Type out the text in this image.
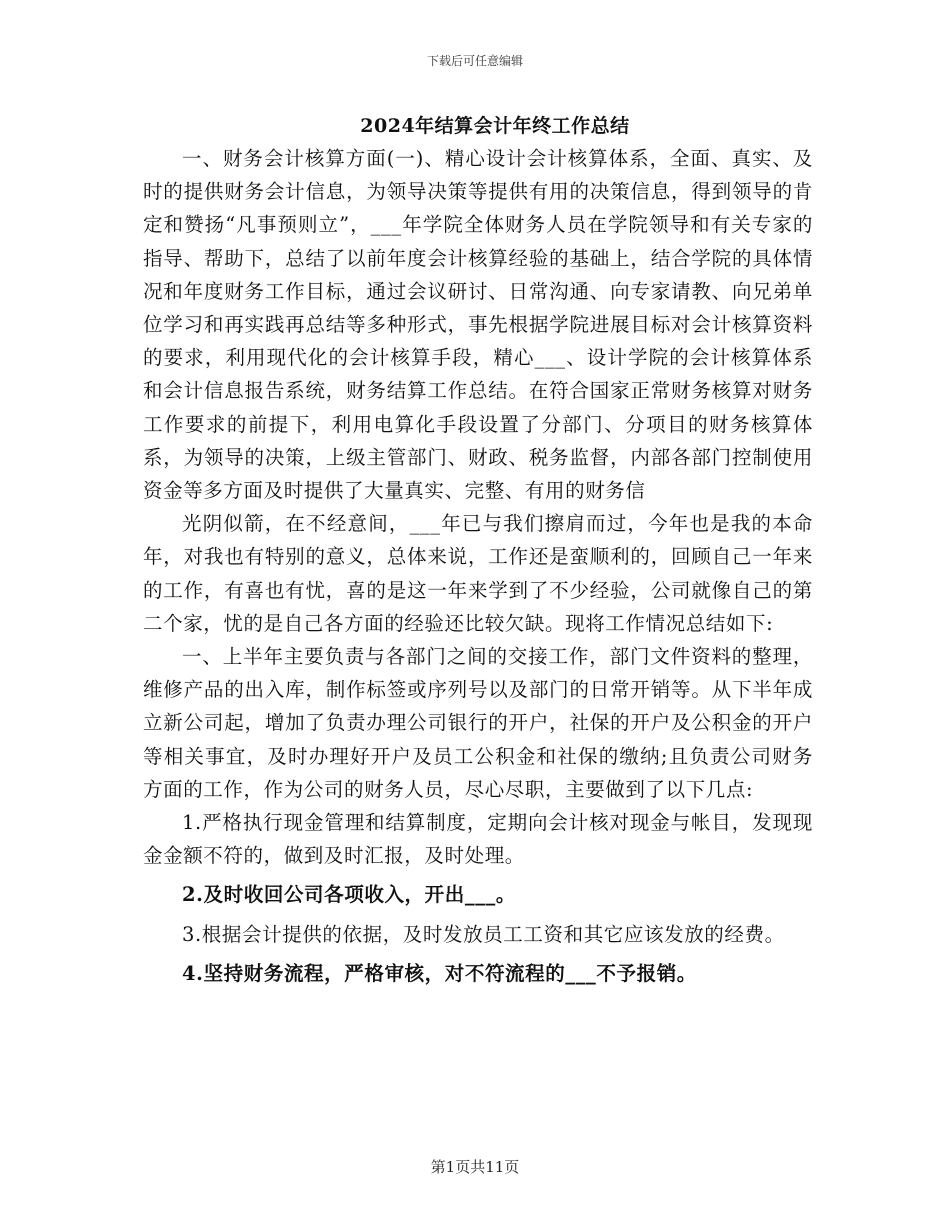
下载后可任意编辑
2024年结算会计年终工作总结

一、财务会计核算方面(一)、精心设计会计核算体系，全面、真实、及时的提供财务会计信息，为领导决策等提供有用的决策信息，得到领导的肯定和赞扬“凡事预则立”，___年学院全体财务人员在学院领导和有关专家的指导、帮助下，总结了以前年度会计核算经验的基础上，结合学院的具体情况和年度财务工作目标，通过会议研讨、日常沟通、向专家请教、向兄弟单位学习和再实践再总结等多种形式，事先根据学院进展目标对会计核算资料的要求，利用现代化的会计核算手段，精心___、设计学院的会计核算体系和会计信息报告系统，财务结算工作总结。在符合国家正常财务核算对财务工作要求的前提下，利用电算化手段设置了分部门、分项目的财务核算体系，为领导的决策，上级主管部门、财政、税务监督，内部各部门控制使用资金等多方面及时提供了大量真实、完整、有用的财务信

光阴似箭，在不经意间，___年已与我们擦肩而过，今年也是我的本命年，对我也有特别的意义，总体来说，工作还是蛮顺利的，回顾自己一年来的工作，有喜也有忧，喜的是这一年来学到了不少经验，公司就像自己的第二个家，忧的是自己各方面的经验还比较欠缺。现将工作情况总结如下:

一、上半年主要负责与各部门之间的交接工作，部门文件资料的整理，维修产品的出入库，制作标签或序列号以及部门的日常开销等。从下半年成立新公司起，增加了负责办理公司银行的开户，社保的开户及公积金的开户等相关事宜，及时办理好开户及员工公积金和社保的缴纳;且负责公司财务方面的工作，作为公司的财务人员，尽心尽职，主要做到了以下几点:

1.严格执行现金管理和结算制度，定期向会计核对现金与帐目，发现现金金额不符的，做到及时汇报，及时处理。

2.及时收回公司各项收入，开出___。

3.根据会计提供的依据，及时发放员工工资和其它应该发放的经费。

4.坚持财务流程，严格审核，对不符流程的___不予报销。

第1页共11页
